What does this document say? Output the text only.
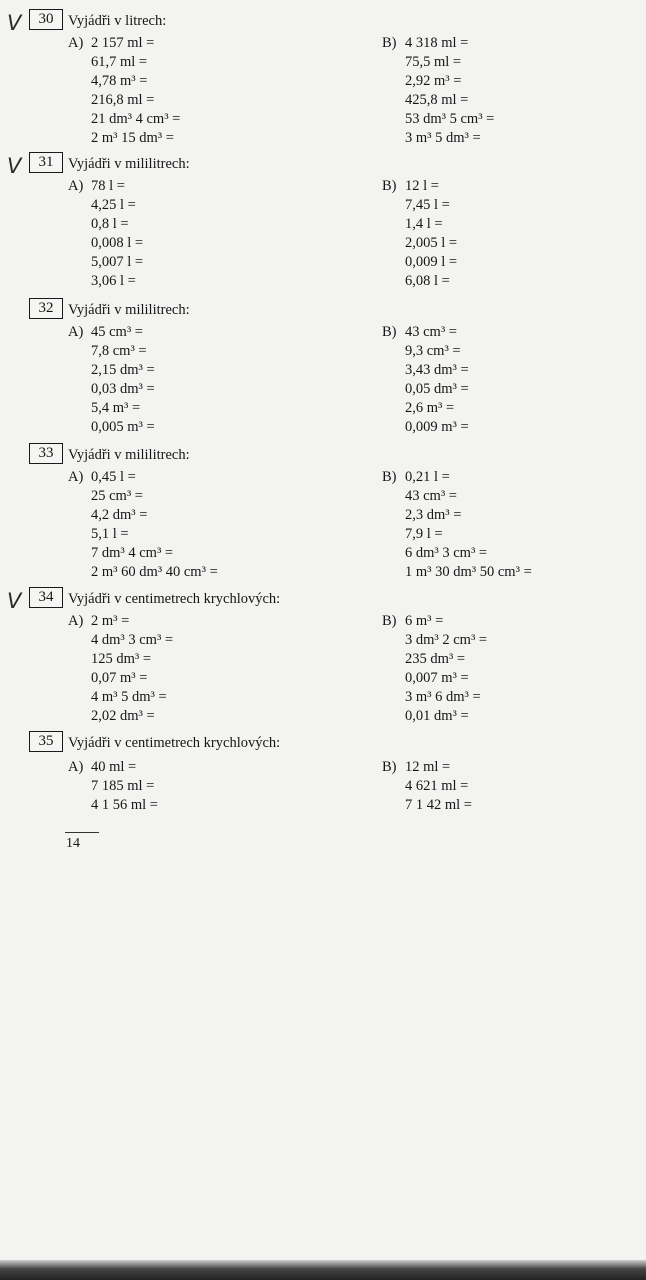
V	30	Vyjádři v litrech:
A) 2 157 ml =
61,7 ml =
4,78 m³ =
216,8 ml =
21 dm³ 4 cm³ =
2 m³ 15 dm³ =
B) 4 318 ml =
75,5 ml =
2,92 m³ =
425,8 ml =
53 dm³ 5 cm³ =
3 m³ 5 dm³ =
V	31	Vyjádři v mililitrech:
A) 78 l =
4,25 l =
0,8 l =
0,008 l =
5,007 l =
3,06 l =
B) 12 l =
7,45 l =
1,4 l =
2,005 l =
0,009 l =
6,08 l =
32	Vyjádři v mililitrech:
A) 45 cm³ =
7,8 cm³ =
2,15 dm³ =
0,03 dm³ =
5,4 m³ =
0,005 m³ =
B) 43 cm³ =
9,3 cm³ =
3,43 dm³ =
0,05 dm³ =
2,6 m³ =
0,009 m³ =
33	Vyjádři v mililitrech:
A) 0,45 l =
25 cm³ =
4,2 dm³ =
5,1 l =
7 dm³ 4 cm³ =
2 m³ 60 dm³ 40 cm³ =
B) 0,21 l =
43 cm³ =
2,3 dm³ =
7,9 l =
6 dm³ 3 cm³ =
1 m³ 30 dm³ 50 cm³ =
V	34	Vyjádři v centimetrech krychlových:
A) 2 m³ =
4 dm³ 3 cm³ =
125 dm³ =
0,07 m³ =
4 m³ 5 dm³ =
2,02 dm³ =
B) 6 m³ =
3 dm³ 2 cm³ =
235 dm³ =
0,007 m³ =
3 m³ 6 dm³ =
0,01 dm³ =
35	Vyjádři v centimetrech krychlových:
A) 40 ml =
7 185 ml =
4 1 56 ml =
B) 12 ml =
4 621 ml =
7 1 42 ml =
14
